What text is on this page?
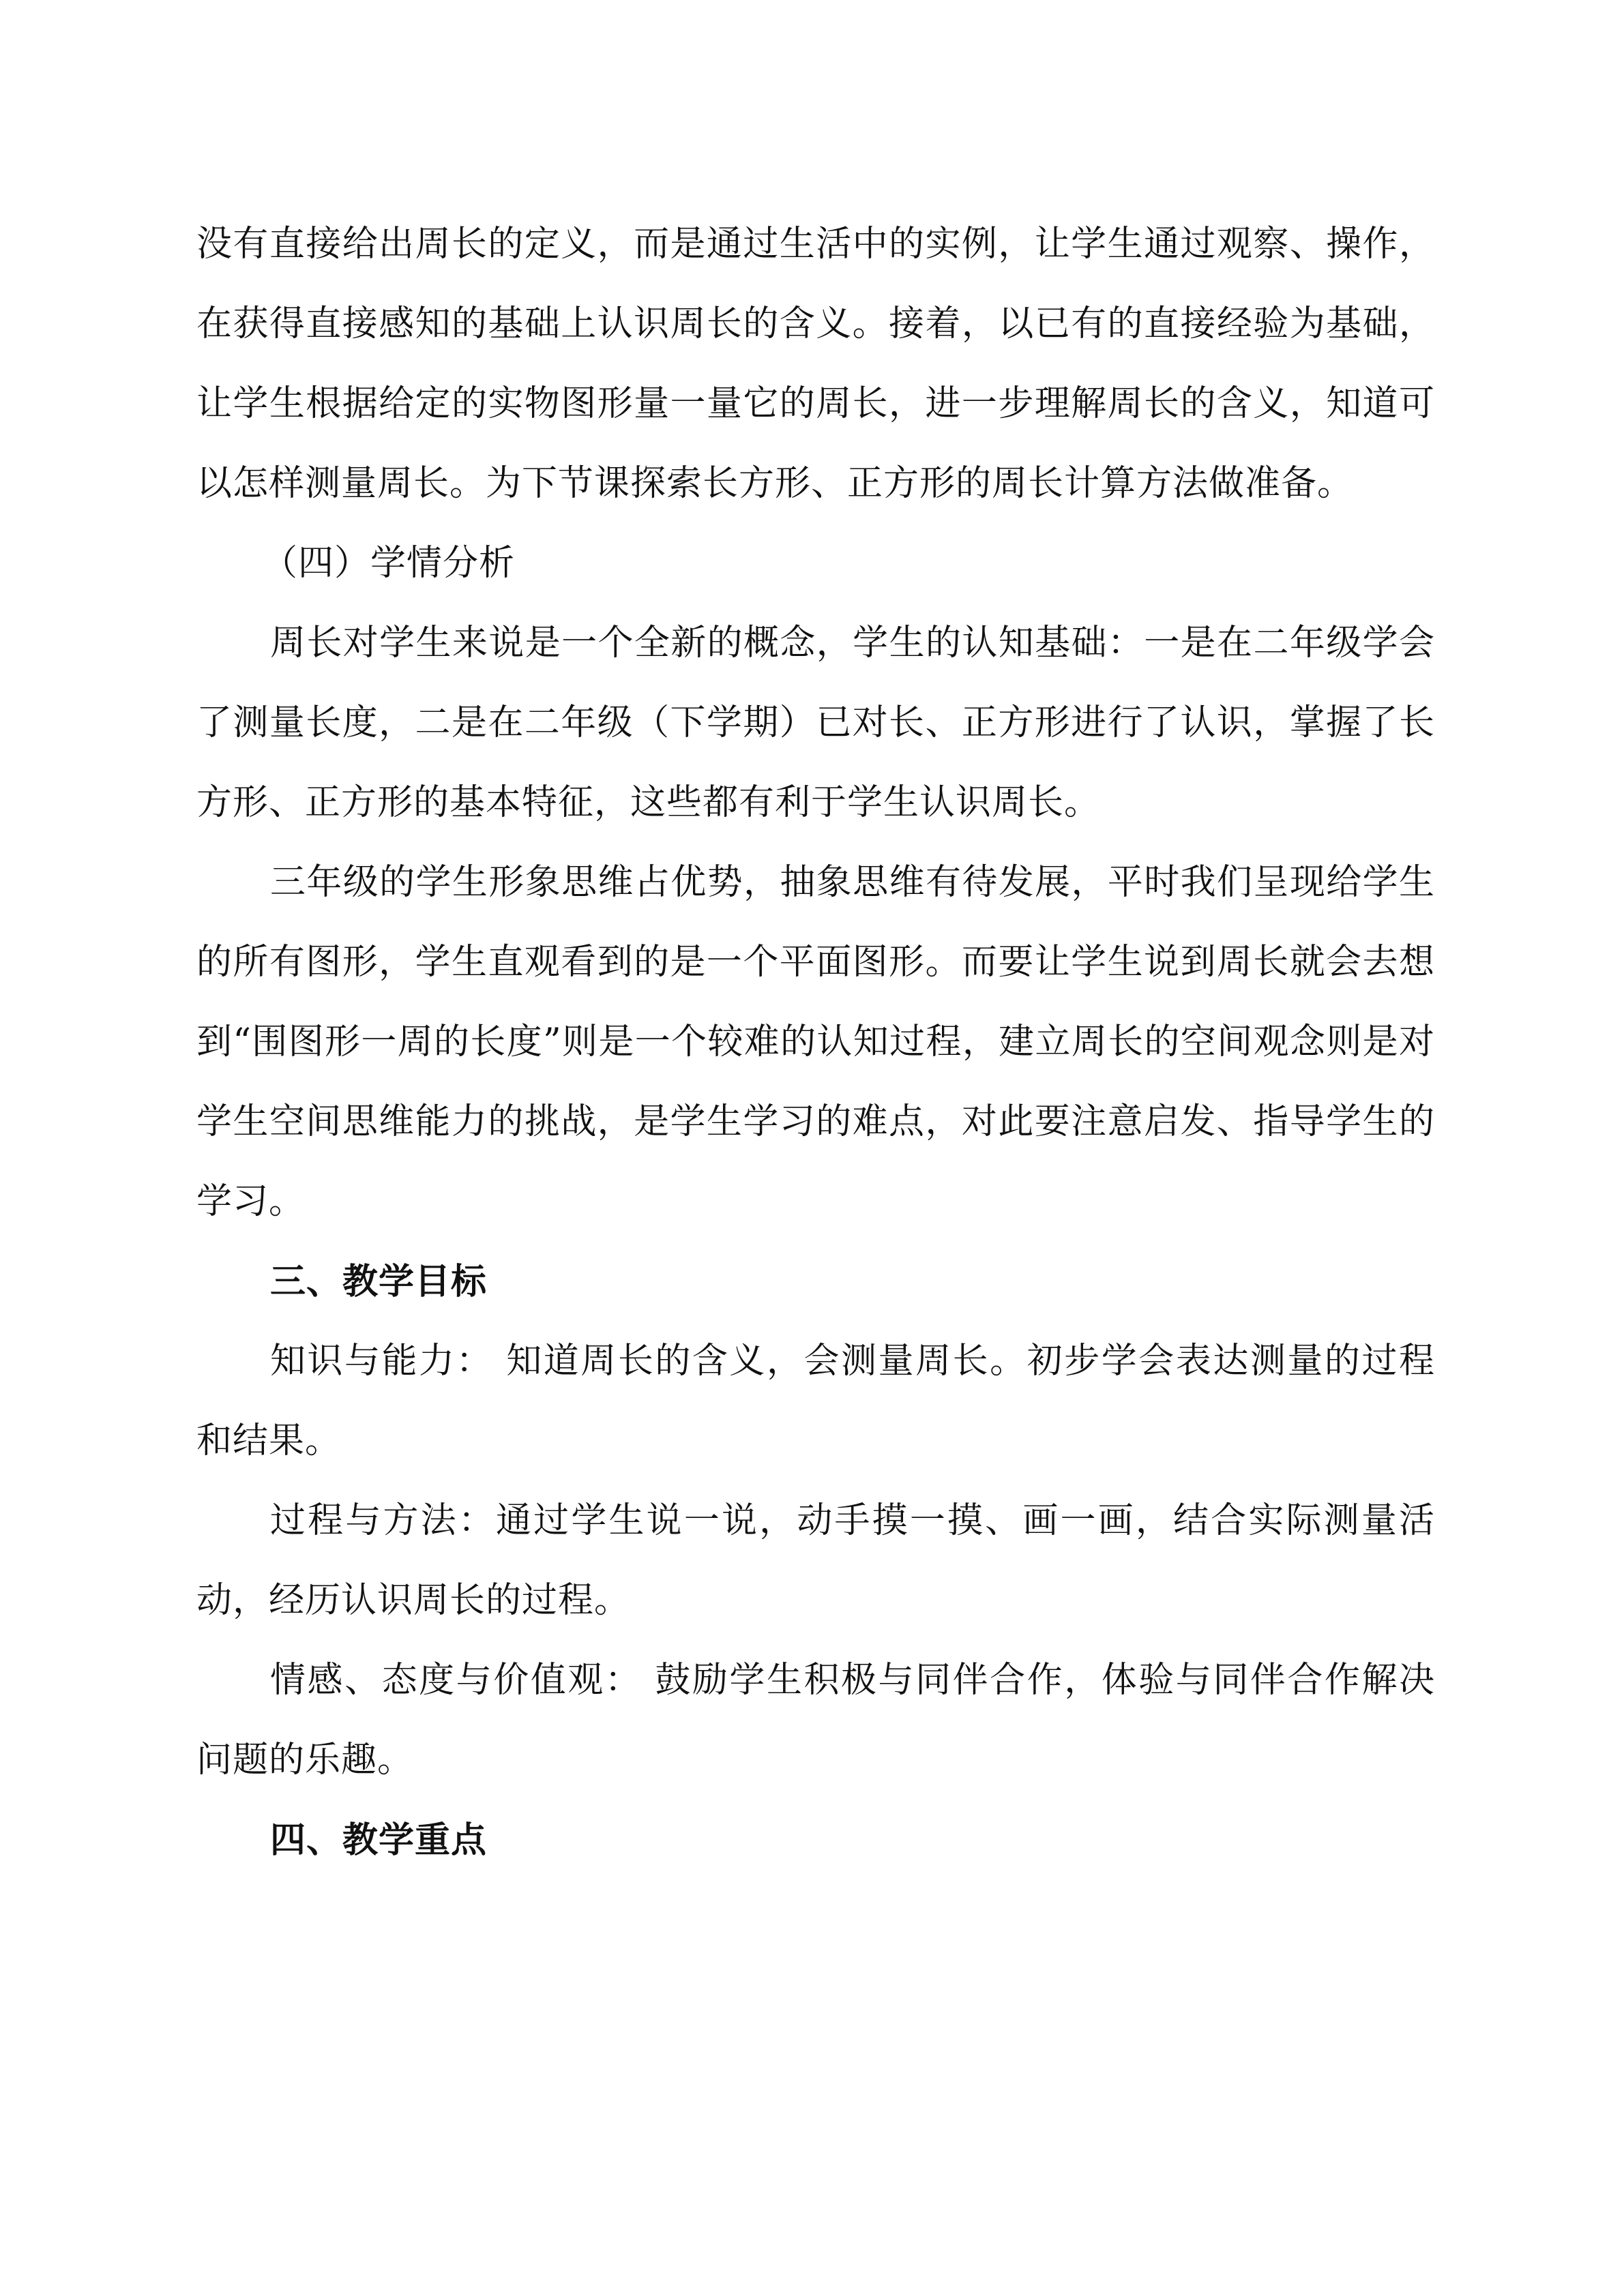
没有直接给出周长的定义，而是通过生活中的实例，让学生通过观察、操作，在获得直接感知的基础上认识周长的含义。接着，以已有的直接经验为基础，让学生根据给定的实物图形量一量它的周长，进一步理解周长的含义，知道可以怎样测量周长。为下节课探索长方形、正方形的周长计算方法做准备。

（四）学情分析

周长对学生来说是一个全新的概念，学生的认知基础：一是在二年级学会了测量长度，二是在二年级（下学期）已对长、正方形进行了认识，掌握了长方形、正方形的基本特征，这些都有利于学生认识周长。

三年级的学生形象思维占优势，抽象思维有待发展，平时我们呈现给学生的所有图形，学生直观看到的是一个平面图形。而要让学生说到周长就会去想到“围图形一周的长度”则是一个较难的认知过程，建立周长的空间观念则是对学生空间思维能力的挑战，是学生学习的难点，对此要注意启发、指导学生的学习。

三、教学目标

知识与能力： 知道周长的含义，会测量周长。初步学会表达测量的过程和结果。

过程与方法：通过学生说一说，动手摸一摸、画一画，结合实际测量活动，经历认识周长的过程。

情感、态度与价值观： 鼓励学生积极与同伴合作，体验与同伴合作解决问题的乐趣。

四、教学重点
